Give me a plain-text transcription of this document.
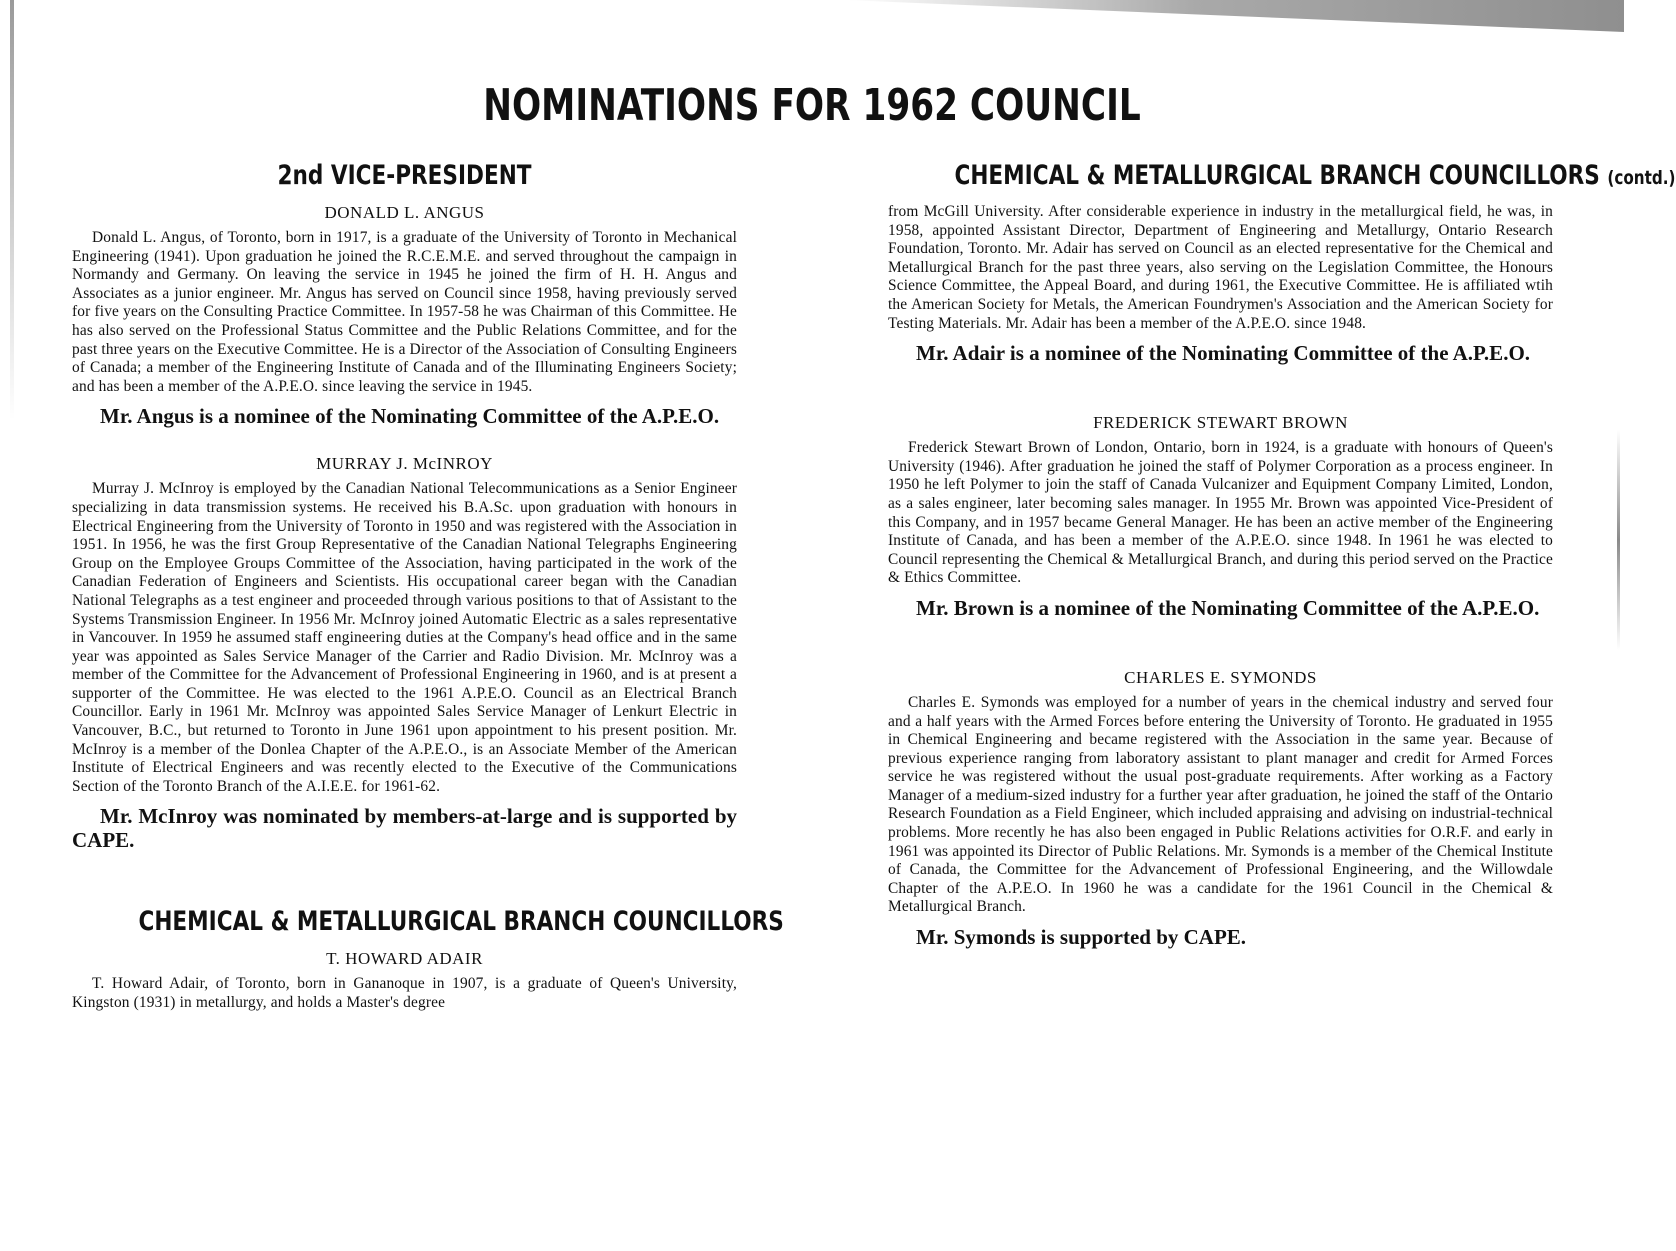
NOMINATIONS FOR 1962 COUNCIL
2nd VICE-PRESIDENT
DONALD L. ANGUS

Donald L. Angus, of Toronto, born in 1917, is a graduate of the University of Toronto in Mechanical Engineering (1941). Upon graduation he joined the R.C.E.M.E. and served throughout the campaign in Normandy and Germany. On leaving the service in 1945 he joined the firm of H. H. Angus and Associates as a junior engineer. Mr. Angus has served on Council since 1958, having previously served for five years on the Consulting Practice Committee. In 1957-58 he was Chairman of this Committee. He has also served on the Professional Status Committee and the Public Relations Committee, and for the past three years on the Executive Committee. He is a Director of the Association of Consulting Engineers of Canada; a member of the Engineering Institute of Canada and of the Illuminating Engineers Society; and has been a member of the A.P.E.O. since leaving the service in 1945.

Mr. Angus is a nominee of the Nominating Committee of the A.P.E.O.

MURRAY J. McINROY

Murray J. McInroy is employed by the Canadian National Telecommunications as a Senior Engineer specializing in data transmission systems. He received his B.A.Sc. upon graduation with honours in Electrical Engineering from the University of Toronto in 1950 and was registered with the Association in 1951. In 1956, he was the first Group Representative of the Canadian National Telegraphs Engineering Group on the Employee Groups Committee of the Association, having participated in the work of the Canadian Federation of Engineers and Scientists. His occupational career began with the Canadian National Telegraphs as a test engineer and proceeded through various positions to that of Assistant to the Systems Transmission Engineer. In 1956 Mr. McInroy joined Automatic Electric as a sales representative in Vancouver. In 1959 he assumed staff engineering duties at the Company's head office and in the same year was appointed as Sales Service Manager of the Carrier and Radio Division. Mr. McInroy was a member of the Committee for the Advancement of Professional Engineering in 1960, and is at present a supporter of the Committee. He was elected to the 1961 A.P.E.O. Council as an Electrical Branch Councillor. Early in 1961 Mr. McInroy was appointed Sales Service Manager of Lenkurt Electric in Vancouver, B.C., but returned to Toronto in June 1961 upon appointment to his present position. Mr. McInroy is a member of the Donlea Chapter of the A.P.E.O., is an Associate Member of the American Institute of Electrical Engineers and was recently elected to the Executive of the Communications Section of the Toronto Branch of the A.I.E.E. for 1961-62.

Mr. McInroy was nominated by members-at-large and is supported by CAPE.

CHEMICAL & METALLURGICAL BRANCH COUNCILLORS
T. HOWARD ADAIR

T. Howard Adair, of Toronto, born in Gananoque in 1907, is a graduate of Queen's University, Kingston (1931) in metallurgy, and holds a Master's degree

CHEMICAL & METALLURGICAL BRANCH COUNCILLORS (contd.)

from McGill University. After considerable experience in industry in the metallurgical field, he was, in 1958, appointed Assistant Director, Department of Engineering and Metallurgy, Ontario Research Foundation, Toronto. Mr. Adair has served on Council as an elected representative for the Chemical and Metallurgical Branch for the past three years, also serving on the Legislation Committee, the Honours Science Committee, the Appeal Board, and during 1961, the Executive Committee. He is affiliated wtih the American Society for Metals, the American Foundrymen's Association and the American Society for Testing Materials. Mr. Adair has been a member of the A.P.E.O. since 1948.

Mr. Adair is a nominee of the Nominating Committee of the A.P.E.O.

FREDERICK STEWART BROWN

Frederick Stewart Brown of London, Ontario, born in 1924, is a graduate with honours of Queen's University (1946). After graduation he joined the staff of Polymer Corporation as a process engineer. In 1950 he left Polymer to join the staff of Canada Vulcanizer and Equipment Company Limited, London, as a sales engineer, later becoming sales manager. In 1955 Mr. Brown was appointed Vice-President of this Company, and in 1957 became General Manager. He has been an active member of the Engineering Institute of Canada, and has been a member of the A.P.E.O. since 1948. In 1961 he was elected to Council representing the Chemical & Metallurgical Branch, and during this period served on the Practice & Ethics Committee.

Mr. Brown is a nominee of the Nominating Committee of the A.P.E.O.

CHARLES E. SYMONDS

Charles E. Symonds was employed for a number of years in the chemical industry and served four and a half years with the Armed Forces before entering the University of Toronto. He graduated in 1955 in Chemical Engineering and became registered with the Association in the same year. Because of previous experience ranging from laboratory assistant to plant manager and credit for Armed Forces service he was registered without the usual post-graduate requirements. After working as a Factory Manager of a medium-sized industry for a further year after graduation, he joined the staff of the Ontario Research Foundation as a Field Engineer, which included appraising and advising on industrial-technical problems. More recently he has also been engaged in Public Relations activities for O.R.F. and early in 1961 was appointed its Director of Public Relations. Mr. Symonds is a member of the Chemical Institute of Canada, the Committee for the Advancement of Professional Engineering, and the Willowdale Chapter of the A.P.E.O. In 1960 he was a candidate for the 1961 Council in the Chemical & Metallurgical Branch.

Mr. Symonds is supported by CAPE.
